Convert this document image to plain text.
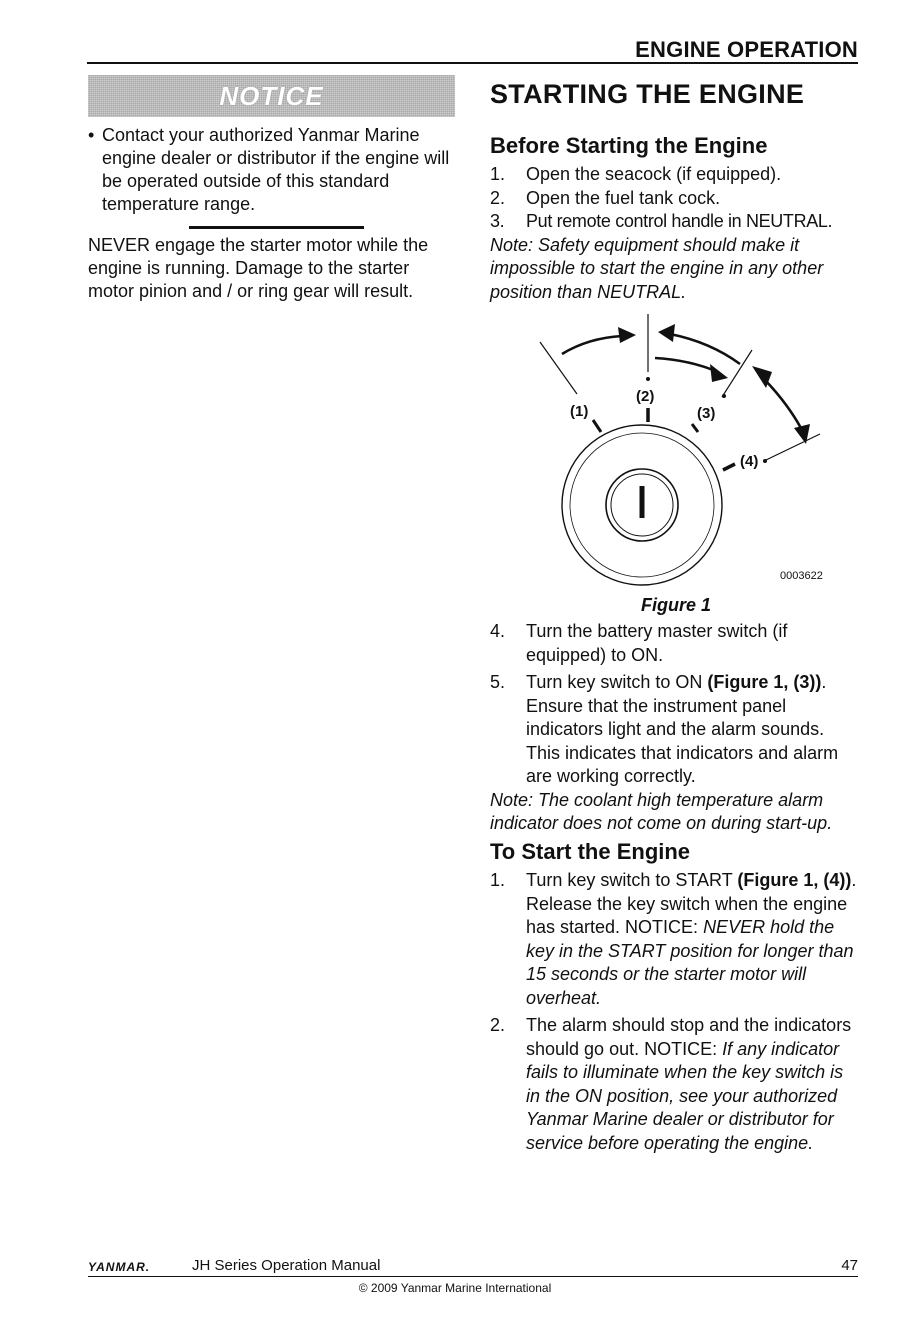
ENGINE OPERATION
NOTICE
• Contact your authorized Yanmar Marine engine dealer or distributor if the engine will be operated outside of this standard temperature range.
NEVER engage the starter motor while the engine is running. Damage to the starter motor pinion and / or ring gear will result.
STARTING THE ENGINE
Before Starting the Engine
1. Open the seacock (if equipped).
2. Open the fuel tank cock.
3. Put remote control handle in NEUTRAL.
Note: Safety equipment should make it impossible to start the engine in any other position than NEUTRAL.
(1)
(2)
(3)
(4)
0003622
Figure 1
4. Turn the battery master switch (if equipped) to ON.
5. Turn key switch to ON (Figure 1, (3)). Ensure that the instrument panel indicators light and the alarm sounds. This indicates that indicators and alarm are working correctly.
Note: The coolant high temperature alarm indicator does not come on during start-up.
To Start the Engine
1. Turn key switch to START (Figure 1, (4)). Release the key switch when the engine has started. NOTICE: NEVER hold the key in the START position for longer than 15 seconds or the starter motor will overheat.
2. The alarm should stop and the indicators should go out. NOTICE: If any indicator fails to illuminate when the key switch is in the ON position, see your authorized Yanmar Marine dealer or distributor for service before operating the engine.
YANMAR.	JH Series Operation Manual	47
© 2009 Yanmar Marine International
